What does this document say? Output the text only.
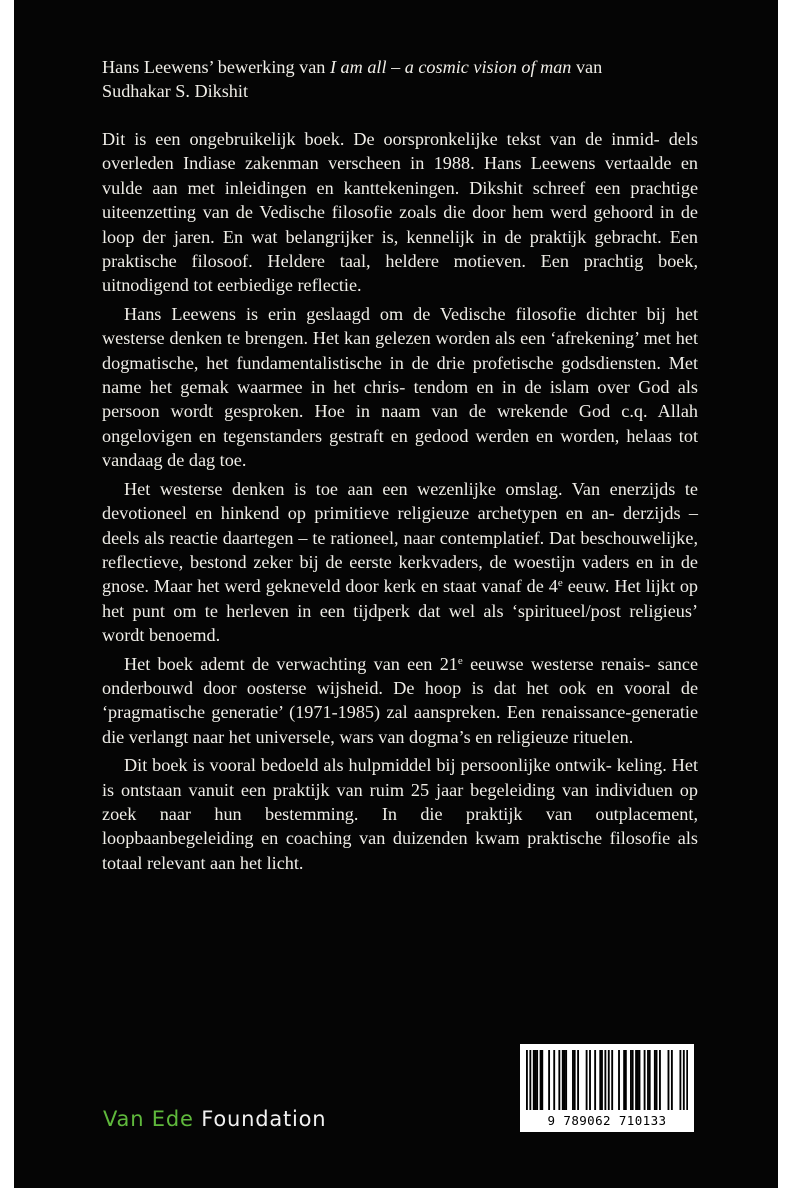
Hans Leewens’ bewerking van I am all – a cosmic vision of man van
Sudhakar S. Dikshit

Dit is een ongebruikelijk boek. De oorspronkelijke tekst van de inmid- dels overleden Indiase zakenman verscheen in 1988. Hans Leewens vertaalde en vulde aan met inleidingen en kanttekeningen. Dikshit schreef een prachtige uiteenzetting van de Vedische filosofie zoals die door hem werd gehoord in de loop der jaren. En wat belangrijker is, kennelijk in de praktijk gebracht. Een praktische filosoof. Heldere taal, heldere motieven. Een prachtig boek, uitnodigend tot eerbiedige reflectie.

Hans Leewens is erin geslaagd om de Vedische filosofie dichter bij het westerse denken te brengen. Het kan gelezen worden als een ‘afrekening’ met het dogmatische, het fundamentalistische in de drie profetische godsdiensten. Met name het gemak waarmee in het chris- tendom en in de islam over God als persoon wordt gesproken. Hoe in naam van de wrekende God c.q. Allah ongelovigen en tegenstanders gestraft en gedood werden en worden, helaas tot vandaag de dag toe.

Het westerse denken is toe aan een wezenlijke omslag. Van enerzijds te devotioneel en hinkend op primitieve religieuze archetypen en an- derzijds – deels als reactie daartegen – te rationeel, naar contemplatief. Dat beschouwelijke, reflectieve, bestond zeker bij de eerste kerkvaders, de woestijn vaders en in de gnose. Maar het werd gekneveld door kerk en staat vanaf de 4e eeuw. Het lijkt op het punt om te herleven in een tijdperk dat wel als ‘spiritueel/post religieus’ wordt benoemd.

Het boek ademt de verwachting van een 21e eeuwse westerse renais- sance onderbouwd door oosterse wijsheid. De hoop is dat het ook en vooral de ‘pragmatische generatie’ (1971-1985) zal aanspreken. Een renaissance-generatie die verlangt naar het universele, wars van dogma’s en religieuze rituelen.

Dit boek is vooral bedoeld als hulpmiddel bij persoonlijke ontwik- keling. Het is ontstaan vanuit een praktijk van ruim 25 jaar begeleiding van individuen op zoek naar hun bestemming. In die praktijk van outplacement, loopbaanbegeleiding en coaching van duizenden kwam praktische filosofie als totaal relevant aan het licht.

Van Ede Foundation	9 789062 710133
